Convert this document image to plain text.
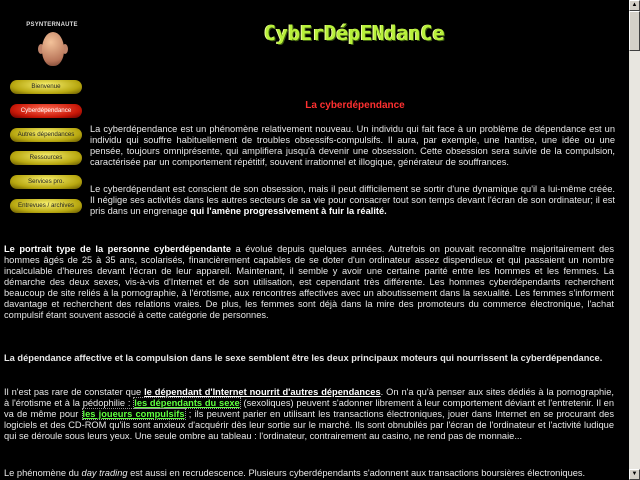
PSYNTERNAUTE	CybErDépENdanCe
Bienvenue
Cyberdépendance
Autres dépendances
Ressources
Services pro.
Entrevues / archives
La cyberdépendance
La cyberdépendance est un phénomène relativement nouveau. Un individu qui fait face à un problème de dépendance est un individu qui souffre habituellement de troubles obsessifs-compulsifs. Il aura, par exemple, une hantise, une idée ou une pensée, toujours omniprésente, qui amplifiera jusqu'à devenir une obsession. Cette obsession sera suivie de la compulsion, caractérisée par un comportement répétitif, souvent irrationnel et illogique, générateur de souffrances.
Le cyberdépendant est conscient de son obsession, mais il peut difficilement se sortir d'une dynamique qu'il a lui-même créée. Il néglige ses activités dans les autres secteurs de sa vie pour consacrer tout son temps devant l'écran de son ordinateur; il est pris dans un engrenage qui l'amène progressivement à fuir la réalité.
Le portrait type de la personne cyberdépendante a évolué depuis quelques années. Autrefois on pouvait reconnaître majoritairement des hommes âgés de 25 à 35 ans, scolarisés, financièrement capables de se doter d'un ordinateur assez dispendieux et qui passaient un nombre incalculable d'heures devant l'écran de leur appareil. Maintenant, il semble y avoir une certaine parité entre les hommes et les femmes. La démarche des deux sexes, vis-à-vis d'Internet et de son utilisation, est cependant très différente. Les hommes cyberdépendants recherchent beaucoup de site reliés à la pornographie, à l'érotisme, aux rencontres affectives avec un aboutissement dans la sexualité. Les femmes s'informent davantage et recherchent des relations vraies. De plus, les femmes sont déjà dans la mire des promoteurs du commerce électronique, l'achat compulsif étant souvent associé à cette catégorie de personnes.
La dépendance affective et la compulsion dans le sexe semblent être les deux principaux moteurs qui nourrissent la cyberdépendance.
Il n'est pas rare de constater que le dépendant d'Internet nourrit d'autres dépendances. On n'a qu'à penser aux sites dédiés à la pornographie, à l'érotisme et à la pédophilie : les dépendants du sexe (sexoliques) peuvent s'adonner librement à leur comportement déviant et l'entretenir. Il en va de même pour les joueurs compulsifs ; ils peuvent parier en utilisant les transactions électroniques, jouer dans Internet en se procurant des logiciels et des CD-ROM qu'ils sont anxieux d'acquérir dès leur sortie sur le marché. Ils sont obnubilés par l'écran de l'ordinateur et l'activité ludique qui se déroule sous leurs yeux. Une seule ombre au tableau : l'ordinateur, contrairement au casino, ne rend pas de monnaie...
Le phénomène du day trading est aussi en recrudescence. Plusieurs cyberdépendants s'adonnent aux transactions boursières électroniques.
▲
▼
